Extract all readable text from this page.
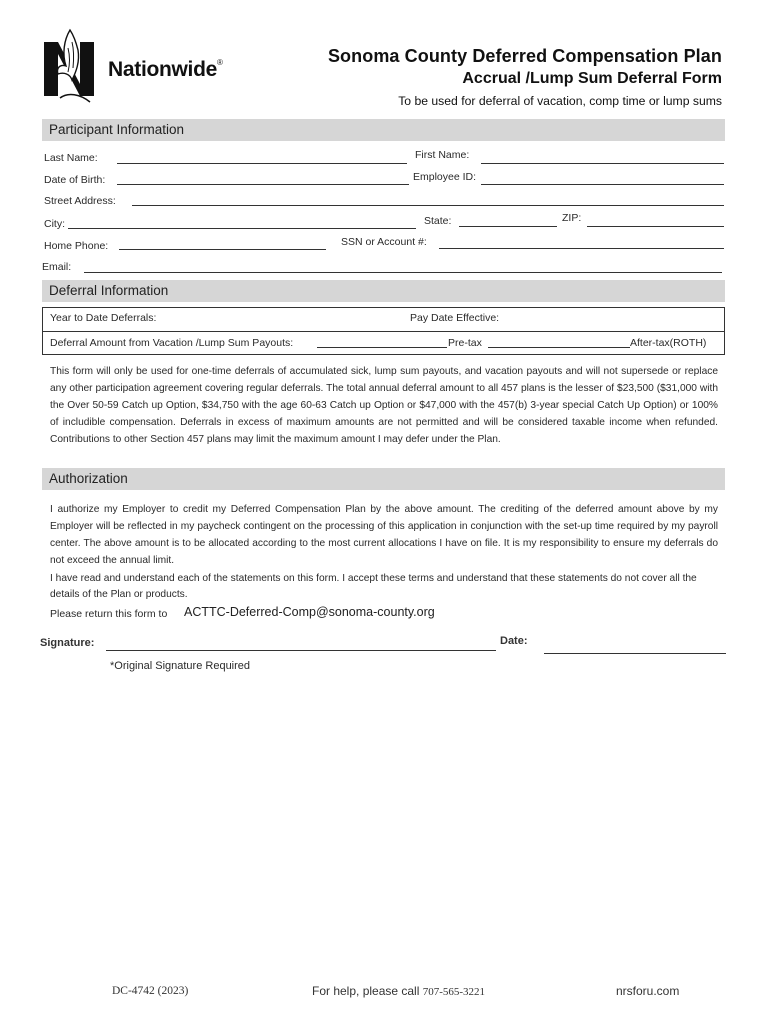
Nationwide®	Sonoma County Deferred Compensation Plan
Accrual /Lump Sum Deferral Form
To be used for deferral of vacation, comp time or lump sums
Participant Information
Last Name:	First Name:
Date of Birth:	Employee ID:
Street Address:
City:	State:	ZIP:
Home Phone:	SSN or Account #:
Email:
Deferral Information
Year to Date Deferrals:	Pay Date Effective:
Deferral Amount from Vacation /Lump Sum Payouts:	Pre-tax	After-tax(ROTH)
This form will only be used for one-time deferrals of accumulated sick, lump sum payouts, and vacation payouts and will not supersede or replace any other participation agreement covering regular deferrals. The total annual deferral amount to all 457 plans is the lesser of $23,500 ($31,000 with the Over 50-59 Catch up Option, $34,750 with the age 60-63 Catch up Option or $47,000 with the 457(b) 3-year special Catch Up Option) or 100% of includible compensation. Deferrals in excess of maximum amounts are not permitted and will be considered taxable income when refunded. Contributions to other Section 457 plans may limit the maximum amount I may defer under the Plan.
Authorization
I authorize my Employer to credit my Deferred Compensation Plan by the above amount. The crediting of the deferred amount above by my Employer will be reflected in my paycheck contingent on the processing of this application in conjunction with the set-up time required by my payroll center. The above amount is to be allocated according to the most current allocations I have on file. It is my responsibility to ensure my deferrals do not exceed the annual limit.
I have read and understand each of the statements on this form. I accept these terms and understand that these statements do not cover all the details of the Plan or products.
Please return this form to ACTTC-Deferred-Comp@sonoma-county.org
Signature:	Date:
*Original Signature Required
DC-4742 (2023)	For help, please call 707-565-3221	nrsforu.com
